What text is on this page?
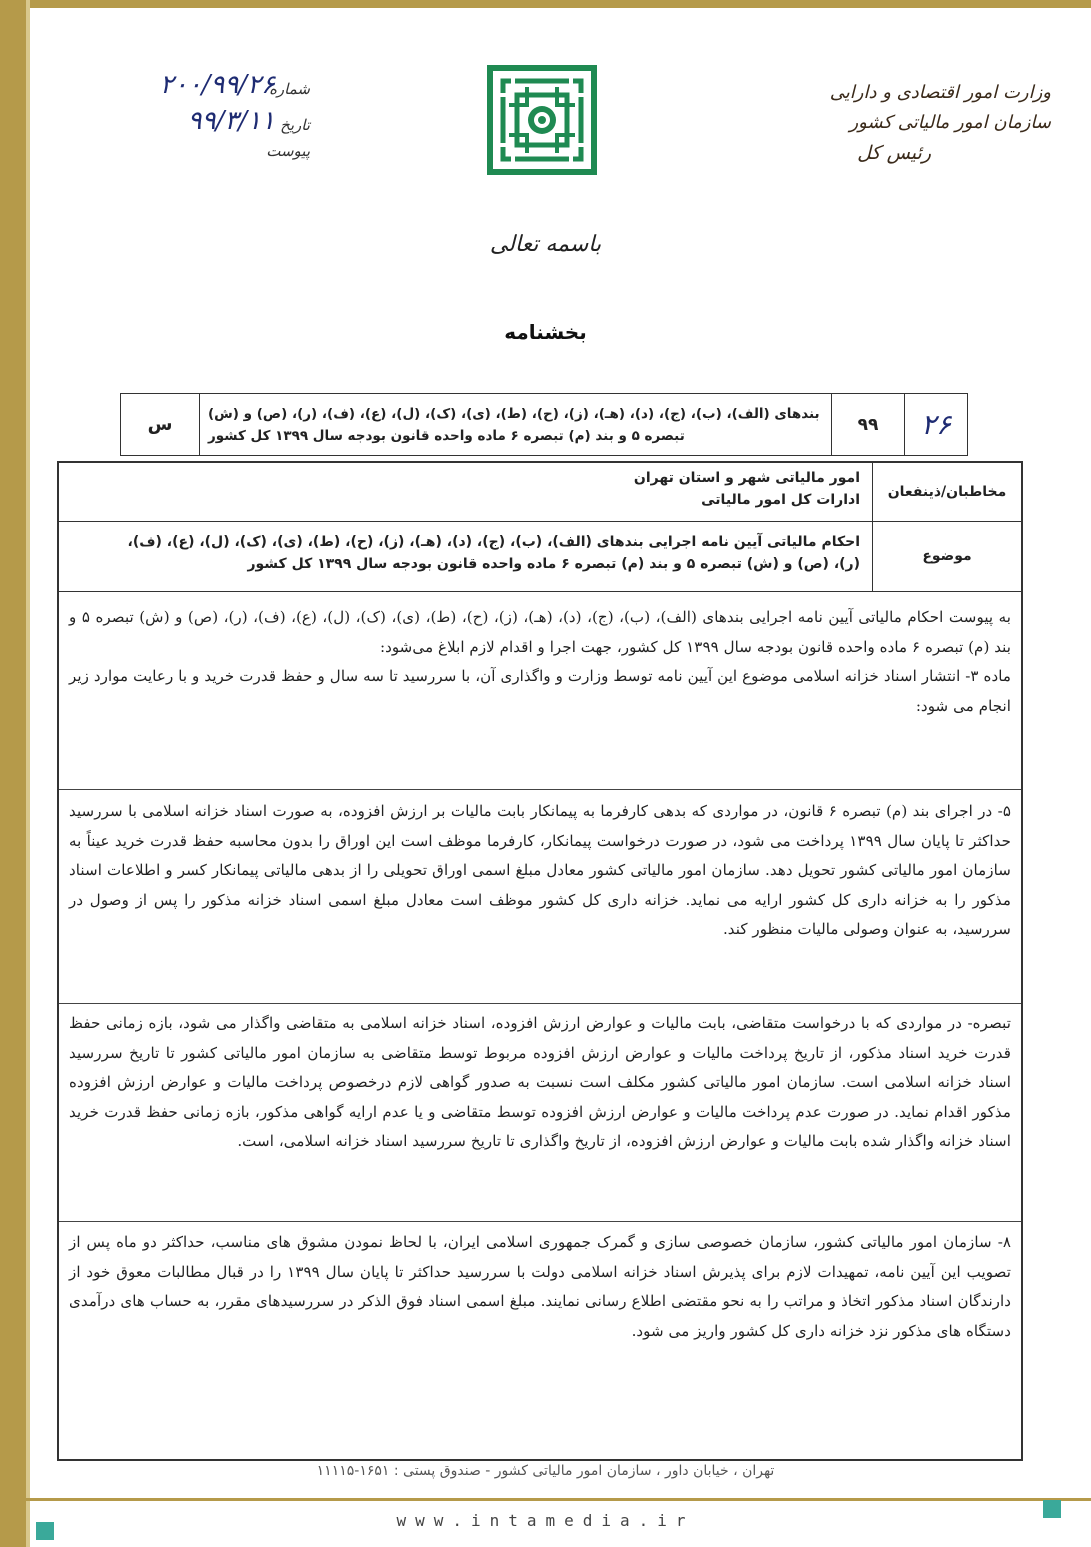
وزارت امور اقتصادی و دارایی
سازمان امور مالیاتی کشور
رئیس کل
شماره
۲۰۰/۹۹/۲۶
تاریخ
۹۹/۳/۱۱
پیوست
باسمه تعالی
بخشنامه
۲۶
۹۹
بندهای (الف)، (ب)، (ج)، (د)، (هـ)، (ز)، (ح)، (ط)، (ی)، (ک)، (ل)، (ع)، (ف)، (ر)، (ص) و (ش)
تبصره ۵ و بند (م) تبصره ۶ ماده واحده قانون بودجه سال ۱۳۹۹ کل کشور
س
مخاطبان/ذینفعان
امور مالیاتی شهر و استان تهران
ادارات کل امور مالیاتی
موضوع
احکام مالیاتی آیین نامه اجرایی بندهای (الف)، (ب)، (ج)، (د)، (هـ)، (ز)، (ح)، (ط)، (ی)، (ک)، (ل)، (ع)، (ف)،
(ر)، (ص) و (ش) تبصره ۵ و بند (م) تبصره ۶ ماده واحده قانون بودجه سال ۱۳۹۹ کل کشور

به پیوست احکام مالیاتی آیین نامه اجرایی بندهای (الف)، (ب)، (ج)، (د)، (هـ)، (ز)، (ح)، (ط)، (ی)، (ک)، (ل)، (ع)، (ف)، (ر)، (ص) و (ش) تبصره ۵ و بند (م) تبصره ۶ ماده واحده قانون بودجه سال ۱۳۹۹ کل کشور، جهت اجرا و اقدام لازم ابلاغ می‌شود:

ماده ۳- انتشار اسناد خزانه اسلامی موضوع این آیین نامه توسط وزارت و واگذاری آن، با سررسید تا سه سال و حفظ قدرت خرید و با رعایت موارد زیر انجام می شود:

۵- در اجرای بند (م) تبصره ۶ قانون، در مواردی که بدهی کارفرما به پیمانکار بابت مالیات بر ارزش افزوده، به صورت اسناد خزانه اسلامی با سررسید حداکثر تا پایان سال ۱۳۹۹ پرداخت می شود، در صورت درخواست پیمانکار، کارفرما موظف است این اوراق را بدون محاسبه حفظ قدرت خرید عیناً به سازمان امور مالیاتی کشور تحویل دهد. سازمان امور مالیاتی کشور معادل مبلغ اسمی اوراق تحویلی را از بدهی مالیاتی پیمانکار کسر و اطلاعات اسناد مذکور را به خزانه داری کل کشور ارایه می نماید. خزانه داری کل کشور موظف است معادل مبلغ اسمی اسناد خزانه مذکور را پس از وصول در سررسید، به عنوان وصولی مالیات منظور کند.

تبصره- در مواردی که با درخواست متقاضی، بابت مالیات و عوارض ارزش افزوده، اسناد خزانه اسلامی به متقاضی واگذار می شود، بازه زمانی حفظ قدرت خرید اسناد مذکور، از تاریخ پرداخت مالیات و عوارض ارزش افزوده مربوط توسط متقاضی به سازمان امور مالیاتی کشور تا تاریخ سررسید اسناد خزانه اسلامی است. سازمان امور مالیاتی کشور مکلف است نسبت به صدور گواهی لازم درخصوص پرداخت مالیات و عوارض ارزش افزوده مذکور اقدام نماید. در صورت عدم پرداخت مالیات و عوارض ارزش افزوده توسط متقاضی و یا عدم ارایه گواهی مذکور، بازه زمانی حفظ قدرت خرید اسناد خزانه واگذار شده بابت مالیات و عوارض ارزش افزوده، از تاریخ واگذاری تا تاریخ سررسید اسناد خزانه اسلامی، است.

۸- سازمان امور مالیاتی کشور، سازمان خصوصی سازی و گمرک جمهوری اسلامی ایران، با لحاظ نمودن مشوق های مناسب، حداکثر دو ماه پس از تصویب این آیین نامه، تمهیدات لازم برای پذیرش اسناد خزانه اسلامی دولت با سررسید حداکثر تا پایان سال ۱۳۹۹ را در قبال مطالبات معوق خود از دارندگان اسناد مذکور اتخاذ و مراتب را به نحو مقتضی اطلاع رسانی نمایند. مبلغ اسمی اسناد فوق الذکر در سررسیدهای مقرر، به حساب های درآمدی دستگاه های مذکور نزد خزانه داری کل کشور واریز می شود.

تهران ، خیابان داور ، سازمان امور مالیاتی کشور - صندوق پستی : ۱۶۵۱-۱۱۱۱۵
www.intamedia.ir
